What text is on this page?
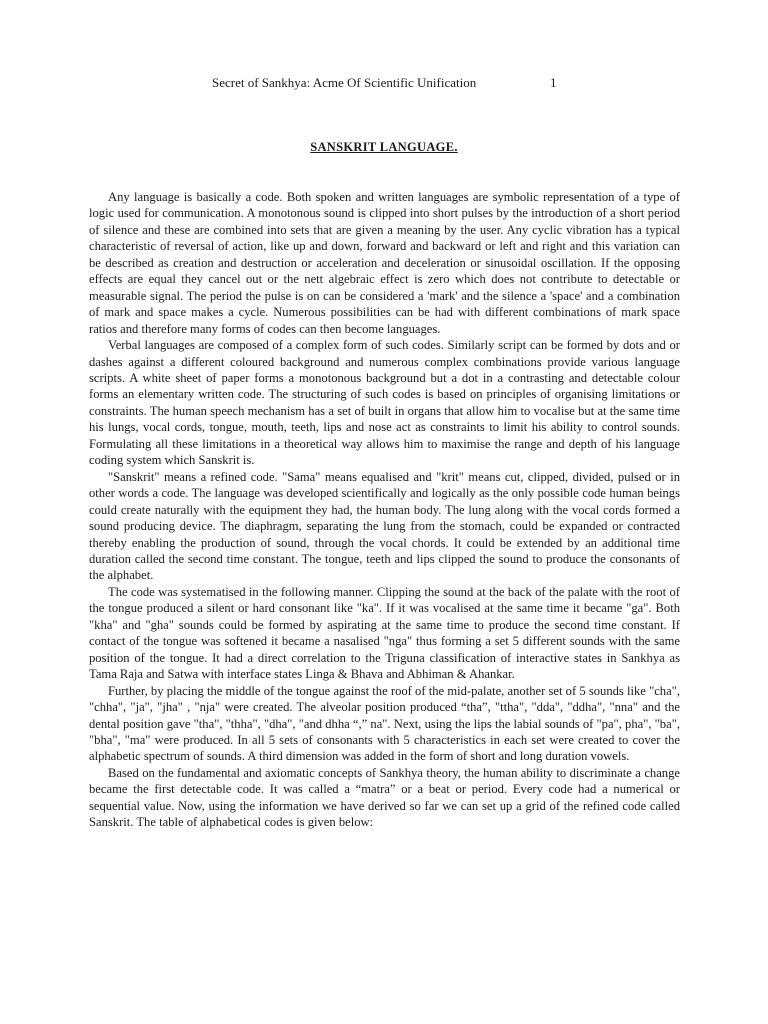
Secret of Sankhya: Acme Of Scientific Unification	1
SANSKRIT LANGUAGE.

Any language is basically a code. Both spoken and written languages are symbolic representation of a type of logic used for communication. A monotonous sound is clipped into short pulses by the introduction of a short period of silence and these are combined into sets that are given a meaning by the user. Any cyclic vibration has a typical characteristic of reversal of action, like up and down, forward and backward or left and right and this variation can be described as creation and destruction or acceleration and deceleration or sinusoidal oscillation. If the opposing effects are equal they cancel out or the nett algebraic effect is zero which does not contribute to detectable or measurable signal. The period the pulse is on can be considered a 'mark' and the silence a 'space' and a combination of mark and space makes a cycle. Numerous possibilities can be had with different combinations of mark space ratios and therefore many forms of codes can then become languages.

Verbal languages are composed of a complex form of such codes. Similarly script can be formed by dots and or dashes against a different coloured background and numerous complex combinations provide various language scripts. A white sheet of paper forms a monotonous background but a dot in a contrasting and detectable colour forms an elementary written code. The structuring of such codes is based on principles of organising limitations or constraints. The human speech mechanism has a set of built in organs that allow him to vocalise but at the same time his lungs, vocal cords, tongue, mouth, teeth, lips and nose act as constraints to limit his ability to control sounds. Formulating all these limitations in a theoretical way allows him to maximise the range and depth of his language coding system which Sanskrit is.

"Sanskrit" means a refined code. "Sama" means equalised and "krit" means cut, clipped, divided, pulsed or in other words a code. The language was developed scientifically and logically as the only possible code human beings could create naturally with the equipment they had, the human body. The lung along with the vocal cords formed a sound producing device. The diaphragm, separating the lung from the stomach, could be expanded or contracted thereby enabling the production of sound, through the vocal chords. It could be extended by an additional time duration called the second time constant. The tongue, teeth and lips clipped the sound to produce the consonants of the alphabet.

The code was systematised in the following manner. Clipping the sound at the back of the palate with the root of the tongue produced a silent or hard consonant like "ka". If it was vocalised at the same time it became "ga". Both "kha" and "gha" sounds could be formed by aspirating at the same time to produce the second time constant. If contact of the tongue was softened it became a nasalised "nga" thus forming a set 5 different sounds with the same position of the tongue. It had a direct correlation to the Triguna classification of interactive states in Sankhya as Tama Raja and Satwa with interface states Linga & Bhava and Abhiman & Ahankar.

Further, by placing the middle of the tongue against the roof of the mid-palate, another set of 5 sounds like "cha", "chha", "ja", "jha" , "nja" were created. The alveolar position produced “tha”, "ttha", "dda", "ddha", "nna" and the dental position gave "tha", "thha", "dha", "and dhha “,” na". Next, using the lips the labial sounds of "pa", pha", "ba", "bha", "ma" were produced. In all 5 sets of consonants with 5 characteristics in each set were created to cover the alphabetic spectrum of sounds. A third dimension was added in the form of short and long duration vowels.

Based on the fundamental and axiomatic concepts of Sankhya theory, the human ability to discriminate a change became the first detectable code. It was called a “matra” or a beat or period. Every code had a numerical or sequential value. Now, using the information we have derived so far we can set up a grid of the refined code called Sanskrit. The table of alphabetical codes is given below:
